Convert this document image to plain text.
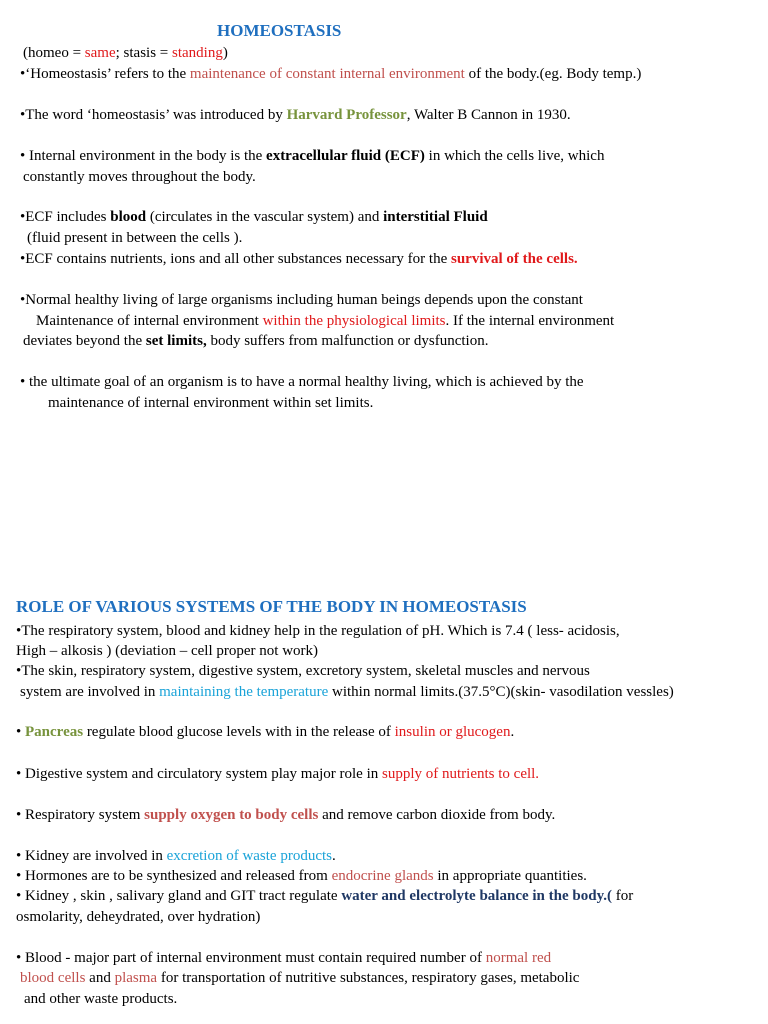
HOMEOSTASIS
(homeo = same; stasis = standing)
•‘Homeostasis’ refers to the maintenance of constant internal environment of the body.(eg. Body temp.)
•The word ‘homeostasis’ was introduced by Harvard Professor, Walter B Cannon in 1930.
• Internal environment in the body is the extracellular fluid (ECF) in which the cells live, which
constantly moves throughout the body.
•ECF includes blood (circulates in the vascular system) and interstitial Fluid
(fluid present in between the cells ).
•ECF contains nutrients, ions and all other substances necessary for the survival of the cells.
•Normal healthy living of large organisms including human beings depends upon the constant
Maintenance of internal environment within the physiological limits. If the internal environment
deviates beyond the set limits, body suffers from malfunction or dysfunction.
• the ultimate goal of an organism is to have a normal healthy living, which is achieved by the
maintenance of internal environment within set limits.
ROLE OF VARIOUS SYSTEMS OF THE BODY IN HOMEOSTASIS
•The respiratory system, blood and kidney help in the regulation of pH. Which is 7.4 ( less- acidosis,
High – alkosis ) (deviation – cell proper not work)
•The skin, respiratory system, digestive system, excretory system, skeletal muscles and nervous
system are involved in maintaining the temperature within normal limits.(37.5°C)(skin- vasodilation vessles)
• Pancreas regulate blood glucose levels with in the release of insulin or glucogen.
• Digestive system and circulatory system play major role in supply of nutrients to cell.
• Respiratory system supply oxygen to body cells and remove carbon dioxide from body.
• Kidney are involved in excretion of waste products.
• Hormones are to be synthesized and released from endocrine glands in appropriate quantities.
• Kidney , skin , salivary gland and GIT tract regulate water and electrolyte balance in the body.( for
osmolarity, deheydrated, over hydration)
• Blood - major part of internal environment must contain required number of normal red
blood cells and plasma for transportation of nutritive substances, respiratory gases, metabolic
and other waste products.
